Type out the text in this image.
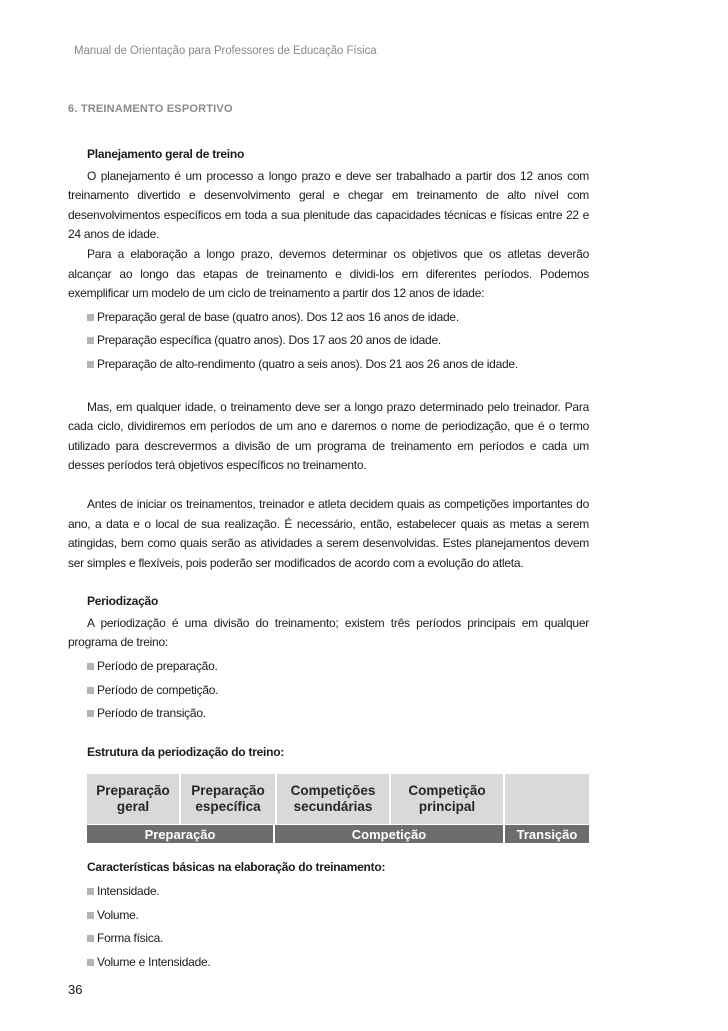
Manual de Orientação para Professores de Educação Física
6. TREINAMENTO ESPORTIVO
Planejamento geral de treino

O planejamento é um processo a longo prazo e deve ser trabalhado a partir dos 12 anos com treinamento divertido e desenvolvimento geral e chegar em treinamento de alto nível com desenvolvimentos específicos em toda a sua plenitude das capacidades técnicas e físicas entre 22 e 24 anos de idade.

Para a elaboração a longo prazo, devemos determinar os objetivos que os atletas deverão alcançar ao longo das etapas de treinamento e dividi-los em diferentes períodos. Podemos exemplificar um modelo de um ciclo de treinamento a partir dos 12 anos de idade:

Preparação geral de base (quatro anos). Dos 12 aos 16 anos de idade.
Preparação específica (quatro anos). Dos 17 aos 20 anos de idade.
Preparação de alto-rendimento (quatro a seis anos). Dos 21 aos 26 anos de idade.

Mas, em qualquer idade, o treinamento deve ser a longo prazo determinado pelo treinador. Para cada ciclo, dividiremos em períodos de um ano e daremos o nome de periodização, que é o termo utilizado para descrevermos a divisão de um programa de treinamento em períodos e cada um desses períodos terá objetivos específicos no treinamento.

Antes de iniciar os treinamentos, treinador e atleta decidem quais as competições importantes do ano, a data e o local de sua realização. É necessário, então, estabelecer quais as metas a serem atingidas, bem como quais serão as atividades a serem desenvolvidas. Estes planejamentos devem ser simples e flexíveis, pois poderão ser modificados de acordo com a evolução do atleta.

Periodização

A periodização é uma divisão do treinamento; existem três períodos principais em qualquer programa de treino:

Período de preparação.
Período de competição.
Período de transição.
Estrutura da periodização do treino:
Preparação geral
Preparação específica
Competições secundárias
Competição principal
Preparação	Competição	Transição
Características básicas na elaboração do treinamento:
Intensidade.
Volume.
Forma física.
Volume e Intensidade.
36
